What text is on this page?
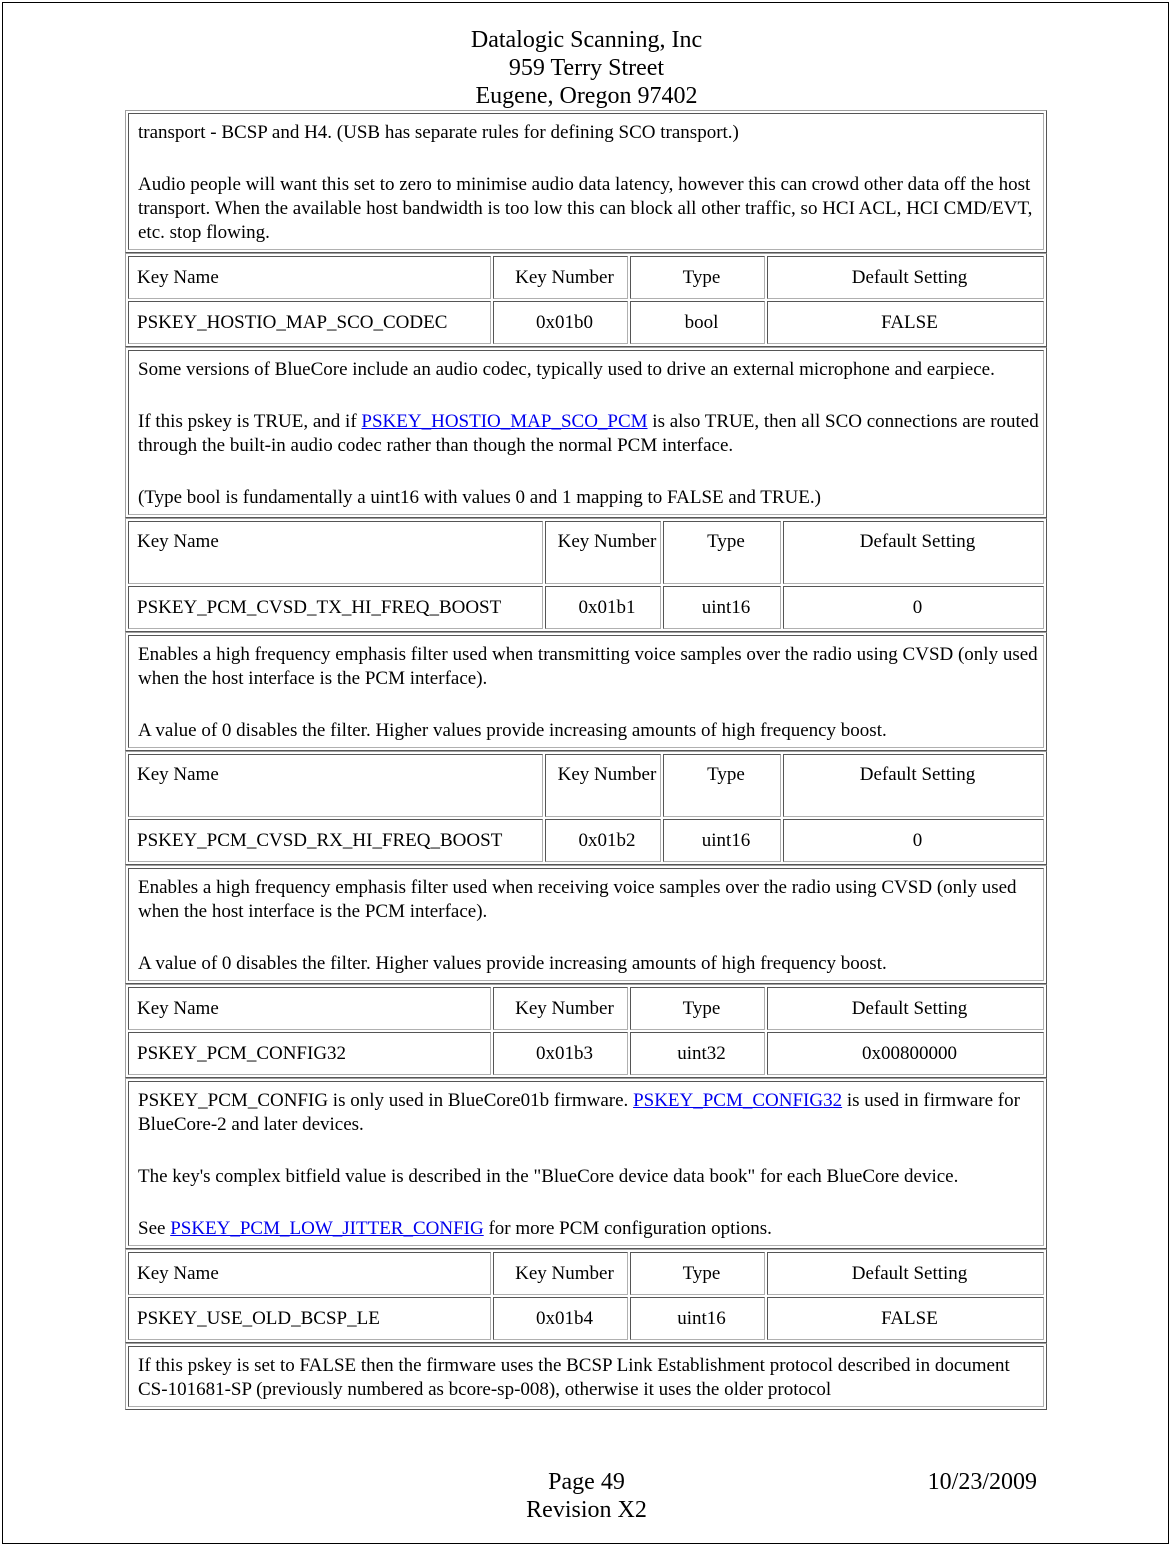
Datalogic Scanning, Inc
959 Terry Street
Eugene, Oregon 97402

transport - BCSP and H4. (USB has separate rules for defining SCO transport.)

Audio people will want this set to zero to minimise audio data latency, however this can crowd other data off the host transport. When the available host bandwidth is too low this can block all other traffic, so HCI ACL, HCI CMD/EVT, etc. stop flowing.

Key Name	Key Number	Type	Default Setting
PSKEY_HOSTIO_MAP_SCO_CODEC	0x01b0	bool	FALSE

Some versions of BlueCore include an audio codec, typically used to drive an external microphone and earpiece.

If this pskey is TRUE, and if PSKEY_HOSTIO_MAP_SCO_PCM is also TRUE, then all SCO connections are routed through the built-in audio codec rather than though the normal PCM interface.

(Type bool is fundamentally a uint16 with values 0 and 1 mapping to FALSE and TRUE.)

Key Name	Key Number	Type	Default Setting
PSKEY_PCM_CVSD_TX_HI_FREQ_BOOST	0x01b1	uint16	0

Enables a high frequency emphasis filter used when transmitting voice samples over the radio using CVSD (only used when the host interface is the PCM interface).

A value of 0 disables the filter. Higher values provide increasing amounts of high frequency boost.

Key Name	Key Number	Type	Default Setting
PSKEY_PCM_CVSD_RX_HI_FREQ_BOOST	0x01b2	uint16	0

Enables a high frequency emphasis filter used when receiving voice samples over the radio using CVSD (only used when the host interface is the PCM interface).

A value of 0 disables the filter. Higher values provide increasing amounts of high frequency boost.

Key Name	Key Number	Type	Default Setting
PSKEY_PCM_CONFIG32	0x01b3	uint32	0x00800000

PSKEY_PCM_CONFIG is only used in BlueCore01b firmware. PSKEY_PCM_CONFIG32 is used in firmware for BlueCore-2 and later devices.

The key's complex bitfield value is described in the "BlueCore device data book" for each BlueCore device.

See PSKEY_PCM_LOW_JITTER_CONFIG for more PCM configuration options.

Key Name	Key Number	Type	Default Setting
PSKEY_USE_OLD_BCSP_LE	0x01b4	uint16	FALSE

If this pskey is set to FALSE then the firmware uses the BCSP Link Establishment protocol described in document CS-101681-SP (previously numbered as bcore-sp-008), otherwise it uses the older protocol

Page 49	10/23/2009
Revision X2
